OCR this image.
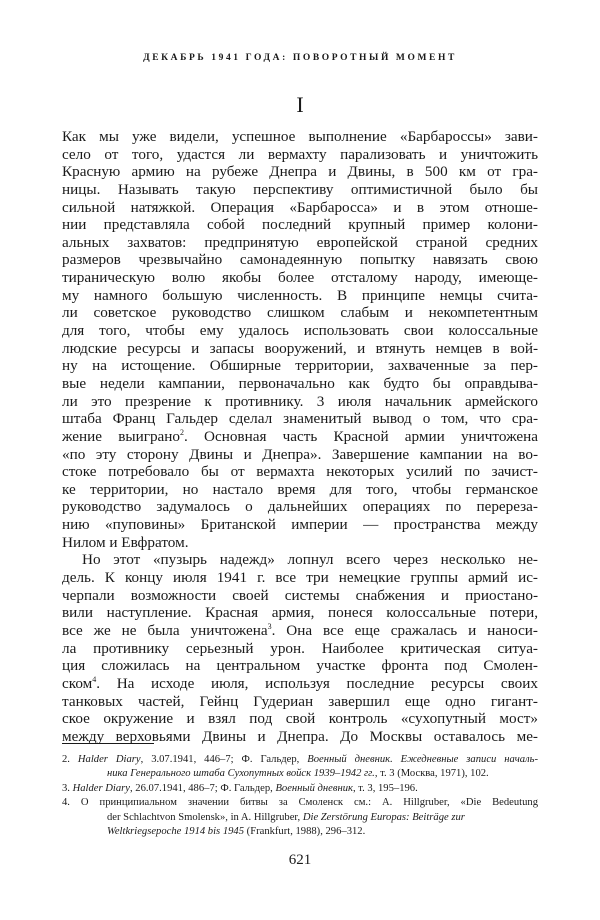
ДЕКАБРЬ 1941 ГОДА: ПОВОРОТНЫЙ МОМЕНТ
I
Как мы уже видели, успешное выполнение «Барбароссы» зави-
село от того, удастся ли вермахту парализовать и уничтожить
Красную армию на рубеже Днепра и Двины, в 500 км от гра-
ницы. Называть такую перспективу оптимистичной было бы
сильной натяжкой. Операция «Барбаросса» и в этом отноше-
нии представляла собой последний крупный пример колони-
альных захватов: предпринятую европейской страной средних
размеров чрезвычайно самонадеянную попытку навязать свою
тираническую волю якобы более отсталому народу, имеюще-
му намного большую численность. В принципе немцы счита-
ли советское руководство слишком слабым и некомпетентным
для того, чтобы ему удалось использовать свои колоссальные
людские ресурсы и запасы вооружений, и втянуть немцев в вой-
ну на истощение. Обширные территории, захваченные за пер-
вые недели кампании, первоначально как будто бы оправдыва-
ли это презрение к противнику. 3 июля начальник армейского
штаба Франц Гальдер сделал знаменитый вывод о том, что сра-
жение выиграно$^2$. Основная часть Красной армии уничтожена
«по эту сторону Двины и Днепра». Завершение кампании на во-
стоке потребовало бы от вермахта некоторых усилий по зачист-
ке территории, но настало время для того, чтобы германское
руководство задумалось о дальнейших операциях по перереза-
нию «пуповины» Британской империи — пространства между
Нилом и Евфратом.
Но этот «пузырь надежд» лопнул всего через несколько не-
дель. К концу июля 1941 г. все три немецкие группы армий ис-
черпали возможности своей системы снабжения и приостано-
вили наступление. Красная армия, понеся колоссальные потери,
все же не была уничтожена$^3$. Она все еще сражалась и наноси-
ла противнику серьезный урон. Наиболее критическая ситуа-
ция сложилась на центральном участке фронта под Смолен-
ском$^4$. На исходе июля, используя последние ресурсы своих
танковых частей, Гейнц Гудериан завершил еще одно гигант-
ское окружение и взял под свой контроль «сухопутный мост»
между верховьями Двины и Днепра. До Москвы оставалось ме-
2. Halder Diary, 3.07.1941, 446–7; Ф. Гальдер, Военный дневник. Ежедневные записи началь-
ника Генерального штаба Сухопутных войск 1939–1942 гг., т. 3 (Москва, 1971), 102.
3. Halder Diary, 26.07.1941, 486–7; Ф. Гальдер, Военный дневник, т. 3, 195–196.
4. О принципиальном значении битвы за Смоленск см.: A. Hillgruber, «Die Bedeutung
der Schlachtvon Smolensk», in A. Hillgruber, Die Zerstörung Europas: Beiträge zur
Weltkriegsepoche 1914 bis 1945 (Frankfurt, 1988), 296–312.
621
